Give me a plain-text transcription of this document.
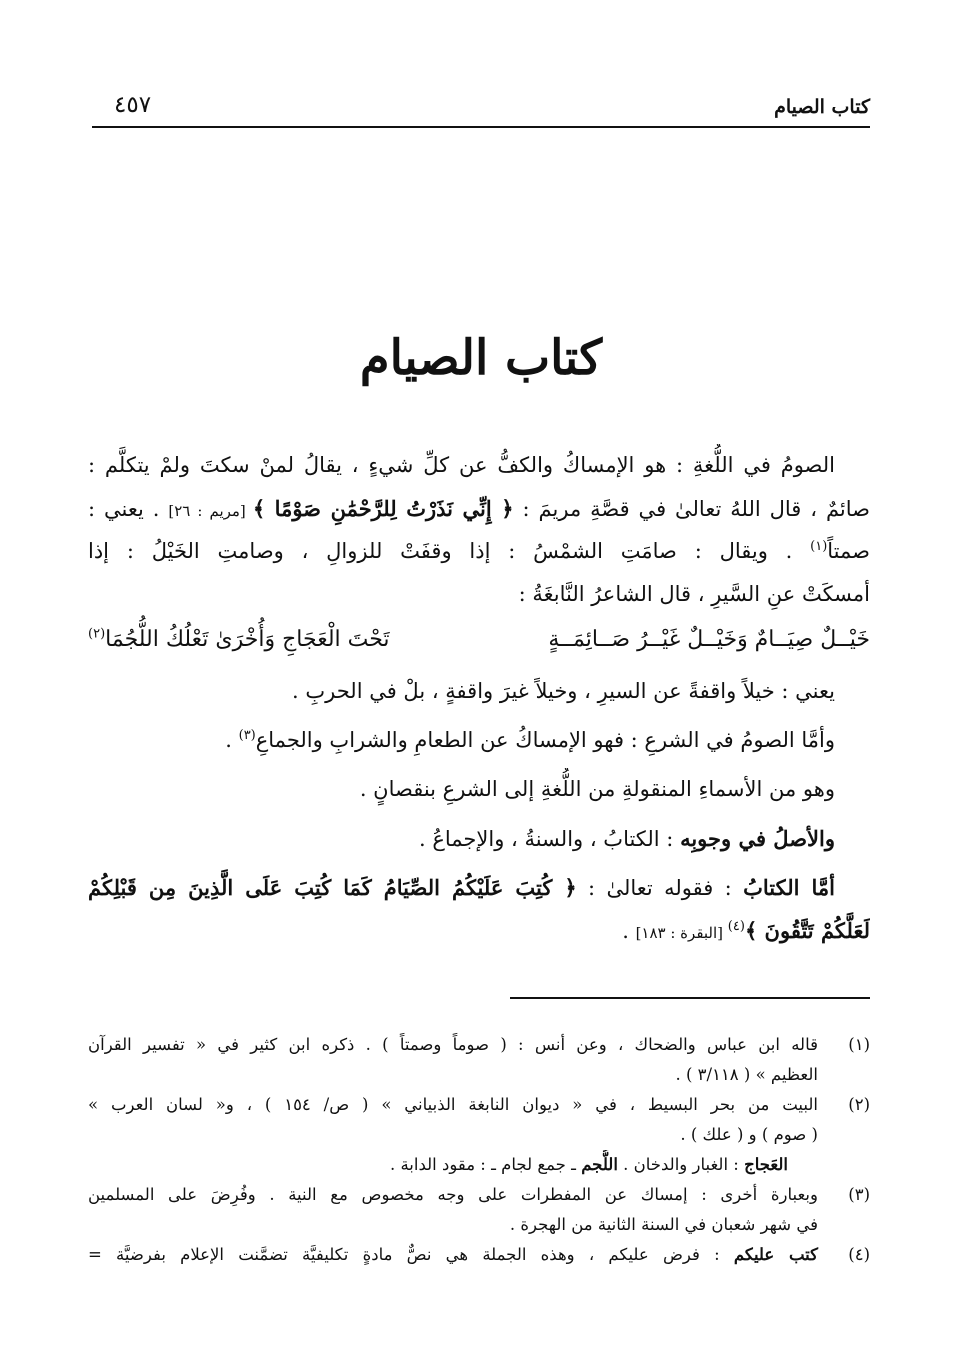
كتاب الصيام
٤٥٧
كتاب الصيام
الصومُ في اللُّغةِ : هو الإمساكُ والكفُّ عن كلِّ شيءٍ ، يقالُ لمنْ سكتَ ولمْ يتكلَّم :
صائمٌ ، قال اللهُ تعالىٰ في قصَّةِ مريمَ : ﴿ إِنِّي نَذَرْتُ لِلرَّحْمَٰنِ صَوْمًا ﴾ [مريم : ٢٦] . يعني :
صمتاً$^{(١)}$ . ويقال : صامَتِ الشمْسُ : إذا وقفَتْ للزوالِ ، وصامتِ الخَيْلُ : إذا
أمسكَتْ عنِ السَّيرِ ، قال الشاعرُ النَّابغَةُ :
خَيْــلٌ صِيَــامٌ وَخَيْــلٌ غَيْــرُ صَــائِمَــةٍ
تَحْتَ الْعَجَاجِ وَأُخْرَىٰ تَعْلُكُ اللُّجُمَا$^{(٢)}$
يعني : خيلاً واقفةً عن السيرِ ، وخيلاً غيرَ واقفةٍ ، بلْ في الحربِ .
وأمَّا الصومُ في الشرعِ : فهو الإمساكُ عن الطعامِ والشرابِ والجماعِ$^{(٣)}$ .
وهو من الأسماءِ المنقولةِ من اللُّغةِ إلى الشرعِ بنقصانٍ .
والأصلُ في وجوبِه : الكتابُ ، والسنةُ ، والإجماعُ .
أمَّا الكتابُ : فقوله تعالىٰ : ﴿ كُتِبَ عَلَيْكُمُ الصِّيَامُ كَمَا كُتِبَ عَلَى الَّذِينَ مِن قَبْلِكُمْ
لَعَلَّكُمْ تَتَّقُونَ ﴾$^{(٤)}$ [البقرة : ١٨٣] .
(١)
قاله ابن عباس والضحاك ، وعن أنس : ( صوماً وصمتاً ) . ذكره ابن كثير في « تفسير القرآن
العظيم » ( ٣/١١٨ ) .
(٢)
البيت من بحر البسيط ، في « ديوان النابغة الذبياني » ( ص/ ١٥٤ ) ، و« لسان العرب »
( صوم ) و ( علك ) .
العَجاج : الغبار والدخان . اللُّجم ـ جمع لجام ـ : مقود الدابة .
(٣)
وبعبارة أخرى : إمساك عن المفطرات على وجه مخصوص مع النية . وفُرِضَ على المسلمين
في شهر شعبان في السنة الثانية من الهجرة .
(٤)
كتب عليكم : فرض عليكم ، وهذه الجملة هي نصٌّ مادةٍ تكليفيَّة تضمَّنت الإعلام بفرضيَّة =
